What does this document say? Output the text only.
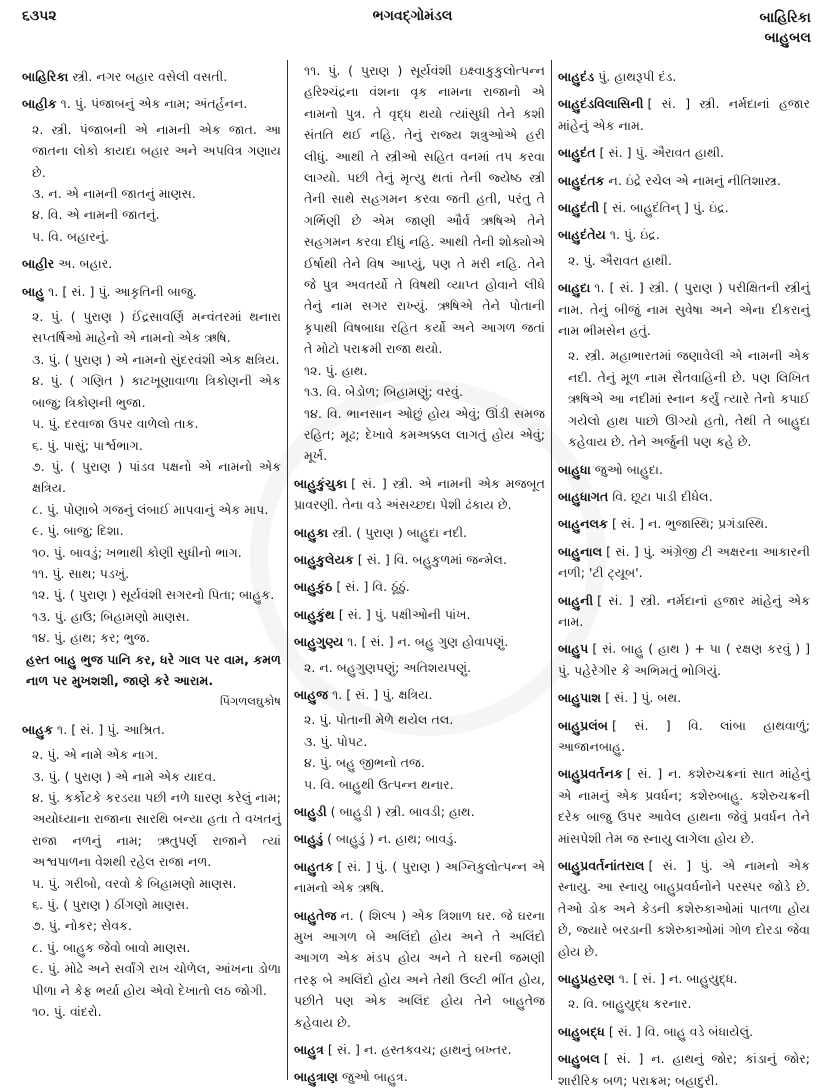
૬૩૫૨	ભગવદ્ગોમંડલ	બાહિરિકા
બાહુબલ

બાહિરિકા સ્ત્રી. નગર બહાર વસેલી વસતી.

બાહીક ૧. પું. પંજાબનું એક નામ; અંતર્હનન.

૨. સ્ત્રી. પંજાબની એ નામની એક જાત. આ જાતના લોકો કાયદા બહાર અને અપવિત્ર ગણાય છે.

૩. ન. એ નામની જાતનું માણસ.

૪. વિ. એ નામની જાતનું.

૫. વિ. બહારનું.

બાહીર અ. બહાર.

બાહુ ૧. [ સં. ] પું. આકૃતિની બાજુ.

૨. પું. ( પુરાણ ) ઈંદ્રસાવર્ણિ મન્વંતરમાં થનારા સપ્તર્ષિઓ માહેનો એ નામનો એક ઋષિ.

૩. પું. ( પુરાણ ) એ નામનો સુંદરવંશી એક ક્ષત્રિય.

૪. પું. ( ગણિત ) કાટખૂણાવાળા ત્રિકોણની એક બાજુ; ત્રિકોણની ભુજા.

૫. પું. દરવાજા ઉપર વાળેલો તાક.

૬. પું. પાસું; પાર્શ્વભાગ.

૭. પું. ( પુરાણ ) પાંડવ પક્ષનો એ નામનો એક ક્ષત્રિય.

૮. પું. પોણાબે ગજનું લંબાઈ માપવાનું એક માપ.

૯. પું. બાજુ; દિશા.

૧૦. પું. બાવડું; ખભાથી કોણી સુધીનો ભાગ.

૧૧. પું. સાથ; પડખું.

૧૨. પું. ( પુરાણ ) સૂર્યવંશી સગરનો પિતા; બાહુક.

૧૩. પું. હાઉ; બિહામણો માણસ.

૧૪. પું. હાથ; કર; ભુજ.

હસ્ત બાહુ ભુજ પાનિ કર, ધરે ગાલ પર વામ, કમળ નાળ પર મુખશશી, જાણે કરે આરામ.

પિંગળલઘુકોષ

બાહુક ૧. [ સં. ] પું. આશ્રિત.

૨. પું. એ નામે એક નાગ.

૩. પું. ( પુરાણ ) એ નામે એક યાદવ.

૪. પું. કર્કોટકે કરડયા પછી નળે ધારણ કરેલું નામ; અયોધ્યાના રાજાના સારથિ બન્યા હતા તે વખતનું રાજા નળનું નામ; ઋતુપર્ણ રાજાને ત્યાં અશ્વપાળના વેશથી રહેલ રાજા નળ.

૫. પું. ગરીબો, વરવો કે બિહામણો માણસ.

૬. પું. ( પુરાણ ) ઠીંગણો માણસ.

૭. પું. નોકર; સેવક.

૮. પું. બાહુક જેવો બાવો માણસ.

૯. પું. મોઢે અને સર્વાંગે રાખ ચોળેલ, આંખના ડોળા પીળા ને કેફ ભર્યા હોય એવો દેખાતો લઠ જોગી.

૧૦. પું. વાંદરો.

૧૧. પું. ( પુરાણ ) સૂર્યવંશી ઇક્ષ્વાકુકુલોત્પન્ન હરિશ્ચંદ્રના વંશના વૃક નામના રાજાનો એ નામનો પુત્ર. તે વૃદ્ધ થયો ત્યાંસુધી તેને કશી સંતતિ થઈ નહિ. તેનું રાજ્ય શત્રુઓએ હરી લીધું. આથી તે સ્ત્રીઓ સહિત વનમાં તપ કરવા લાગ્યો. પછી તેનું મૃત્યુ થતાં તેની જ્યેષ્ઠ સ્ત્રી તેની સાથે સહગમન કરવા જતી હતી, પરંતુ તે ગર્ભિણી છે એમ જાણી ઔર્વ ઋષિએ તેને સહગમન કરવા દીધું નહિ. આથી તેની શોક્યોએ ઈર્ષાથી તેને વિષ આપ્યું, પણ તે મરી નહિ. તેને જે પુત્ર અવતર્યો તે વિષથી વ્યાપ્ત હોવાને લીધે તેનું નામ સગર રાખ્યું. ઋષિએ તેને પોતાની કૃપાથી વિષબાધા રહિત કર્યો અને આગળ જતાં તે મોટો પરાક્રમી રાજા થયો.

૧૨. પું. હાથ.

૧૩. વિ. બેડોળ; બિહામણું; વરવું.

૧૪. વિ. ભાનસાન ઓછું હોય એવું; ઊંડી સમજ રહિત; મૂઢ; દેખાવે કમઅક્કલ લાગતું હોય એવું; મૂર્ખ.

બાહુકુંચુકા [ સં. ] સ્ત્રી. એ નામની એક મજબૂત પ્રાવરણી. તેના વડે અંસચ્છદા પેશી ઢંકાય છે.

બાહુકા સ્ત્રી. ( પુરાણ ) બાહુદા નદી.

બાહુકુલેયક [ સં. ] વિ. બહુકુળમાં જન્મેલ.

બાહુકુંઠ [ સં. ] વિ. ઠૂંઠું.

બાહુકુંથ [ સં. ] પું. પક્ષીઓની પાંખ.

બાહુગુણ્ય ૧. [ સં. ] ન. બહુ ગુણ હોવાપણું.

૨. ન. બહુગુણપણું; અતિશયપણું.

બાહુજ ૧. [ સં. ] પું. ક્ષત્રિય.

૨. પું. પોતાની મેળે થયેલ તલ.

૩. પું. પોપટ.

૪. પું. બહુ જીભનો તજ.

૫. વિ. બાહુથી ઉત્પન્ન થનાર.

બાહુડી ( બાહુડી ) સ્ત્રી. બાવડી; હાથ.

બાહુડું ( બાહુડું ) ન. હાથ; બાવડું.

બાહુતક [ સં. ] પું. ( પુરાણ ) અગ્નિકુલોત્પન્ન એ નામનો એક ઋષિ.

બાહુતેજ ન. ( શિલ્પ ) એક ત્રિશાળ ઘર. જે ઘરના મુખ આગળ બે અલિંદો હોય અને તે અલિંદો આગળ એક મંડપ હોય અને તે ઘરની જમણી તરફ બે અલિંદો હોય અને તેથી ઉલ્ટી ભીંત હોય, પછીતે પણ એક અલિંદ હોય તેને બાહુતેજ કહેવાય છે.

બાહુત્ર [ સં. ] ન. હસ્તકવચ; હાથનું બખ્તર.

બાહુત્રાણ જુઓ બાહુત્ર.

બાહુદંડ પું. હાથરૂપી દંડ.

બાહુદંડવિલાસિની [ સં. ] સ્ત્રી. નર્મદાનાં હજાર માંહેનું એક નામ.

બાહુદંત [ સં. ] પું. ઐરાવત હાથી.

બાહુદંતક ન. ઇંદ્રે રચેલ એ નામનું નીતિશાસ્ત્ર.

બાહુદંતી [ સં. બાહુદંતિન્ ] પું. ઇંદ્ર.

બાહુદંતેય ૧. પું. ઇંદ્ર.

૨. પું. ઐરાવત હાથી.

બાહુદા ૧. [ સં. ] સ્ત્રી. ( પુરાણ ) પરીક્ષિતની સ્ત્રીનું નામ. તેનું બીજું નામ સુવેષા અને એના દીકરાનું નામ ભીમસેન હતું.

૨. સ્ત્રી. મહાભારતમાં જણાવેલી એ નામની એક નદી. તેનું મૂળ નામ સૈતવાહિની છે. પણ લિખિત ઋષિએ આ નદીમાં સ્નાન કર્યું ત્યારે તેનો કપાઈ ગયેલો હાથ પાછો ઊગ્યો હતો, તેથી તે બાહુદા કહેવાય છે. તેને અર્જુની પણ કહે છે.

બાહુધા જુઓ બાહુદા.

બાહુધાગત વિ. છૂટા પાડી દીધેલ.

બાહુનલક [ સં. ] ન. ભુજાસ્થિ; પ્રગંડાસ્થિ.

બાહુનાલ [ સં. ] પું. અંગ્રેજી ટી અક્ષરના આકારની નળી; 'ટી ટ્યૂબ'.

બાહુની [ સં. ] સ્ત્રી. નર્મદાનાં હજાર માંહેનું એક નામ.

બાહુપ [ સં. બાહુ ( હાથ ) + પા ( રક્ષણ કરવું ) ] પું. પહેરેગીર કે અભિમતું ભોગિયું.

બાહુપાશ [ સં. ] પું. બથ.

બાહુપ્રલંબ [ સં. ] વિ. લાંબા હાથવાળું; આજાનબાહુ.

બાહુપ્રવર્તનક [ સં. ] ન. કશેરુચક્રનાં સાત માંહેનું એ નામનું એક પ્રવર્ધન; કશેરુબાહુ. કશેરુચક્રની દરેક બાજુ ઉપર આવેલ હાથના જેવું પ્રવર્ધન તેને માંસપેશી તેમ જ સ્નાયુ લાગેલા હોય છે.

બાહુપ્રવર્તનાંતરાલ [ સં. ] પું. એ નામનો એક સ્નાયુ. આ સ્નાયુ બાહુપ્રવર્ધનોને પરસ્પર જોડે છે. તેઓ ડોક અને કેડની કશેરુકાઓમાં પાતળા હોય છે, જ્યારે બરડાની કશેરુકાઓમાં ગોળ દોરડા જેવા હોય છે.

બાહુપ્રહરણ ૧. [ સં. ] ન. બાહુયુદ્ધ.

૨. વિ. બાહુયુદ્ધ કરનાર.

બાહુબદ્ધ [ સં. ] વિ. બાહુ વડે બંધાયેલું.

બાહુબલ [ સં. ] ન. હાથનું જોર; કાંડાનું જોર; શારીરિક બળ; પરાક્રમ; બહાદુરી.
